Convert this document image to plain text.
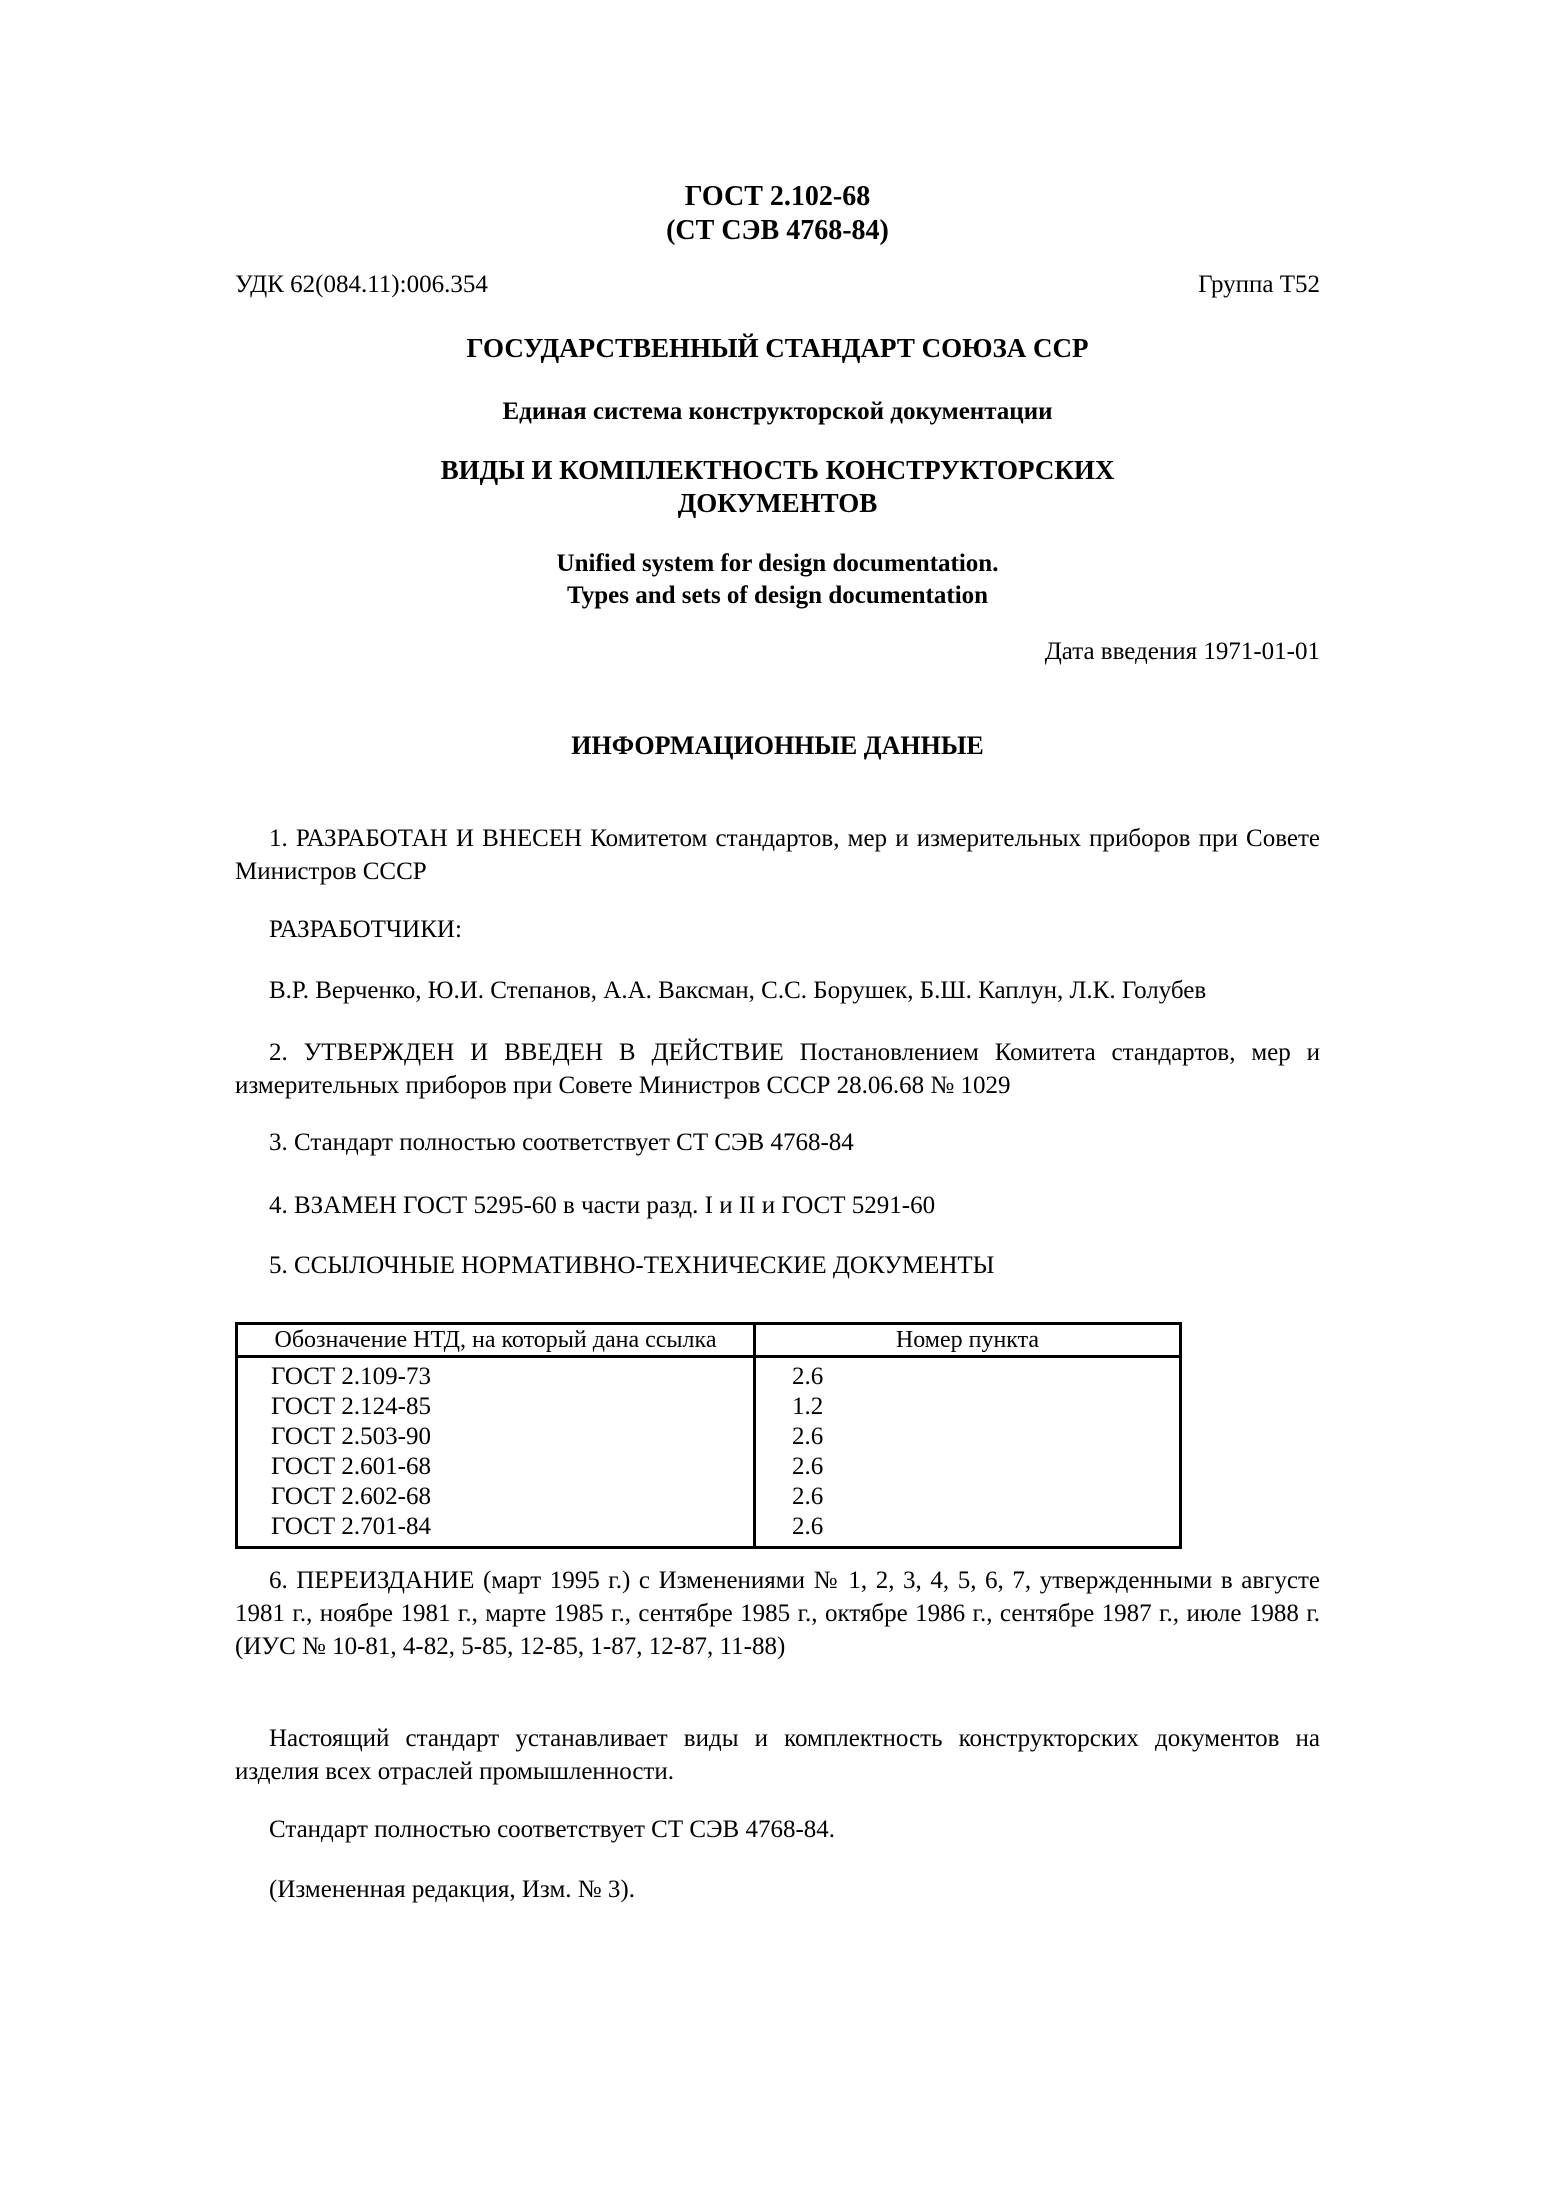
ГОСТ 2.102-68
(СТ СЭВ 4768-84)
УДК 62(084.11):006.354	Группа Т52
ГОСУДАРСТВЕННЫЙ СТАНДАРТ СОЮЗА ССР
Единая система конструкторской документации
ВИДЫ И КОМПЛЕКТНОСТЬ КОНСТРУКТОРСКИХ
ДОКУМЕНТОВ
Unified system for design documentation.
Types and sets of design documentation
Дата введения 1971-01-01
ИНФОРМАЦИОННЫЕ ДАННЫЕ
1. РАЗРАБОТАН И ВНЕСЕН Комитетом стандартов, мер и измерительных приборов при Совете Министров СССР
РАЗРАБОТЧИКИ:
В.Р. Верченко, Ю.И. Степанов, А.А. Ваксман, С.С. Борушек, Б.Ш. Каплун, Л.К. Голубев
2. УТВЕРЖДЕН И ВВЕДЕН В ДЕЙСТВИЕ Постановлением Комитета стандартов, мер и измерительных приборов при Совете Министров СССР 28.06.68 № 1029
3. Стандарт полностью соответствует СТ СЭВ 4768-84
4. ВЗАМЕН ГОСТ 5295-60 в части разд. I и II и ГОСТ 5291-60
5. ССЫЛОЧНЫЕ НОРМАТИВНО-ТЕХНИЧЕСКИЕ ДОКУМЕНТЫ
Обозначение НТД, на который дана ссылка	Номер пункта
ГОСТ 2.109-73	2.6
ГОСТ 2.124-85	1.2
ГОСТ 2.503-90	2.6
ГОСТ 2.601-68	2.6
ГОСТ 2.602-68	2.6
ГОСТ 2.701-84	2.6
6. ПЕРЕИЗДАНИЕ (март 1995 г.) с Изменениями № 1, 2, 3, 4, 5, 6, 7, утвержденными в августе 1981 г., ноябре 1981 г., марте 1985 г., сентябре 1985 г., октябре 1986 г., сентябре 1987 г., июле 1988 г. (ИУС № 10-81, 4-82, 5-85, 12-85, 1-87, 12-87, 11-88)
Настоящий стандарт устанавливает виды и комплектность конструкторских документов на изделия всех отраслей промышленности.
Стандарт полностью соответствует СТ СЭВ 4768-84.
(Измененная редакция, Изм. № 3).
